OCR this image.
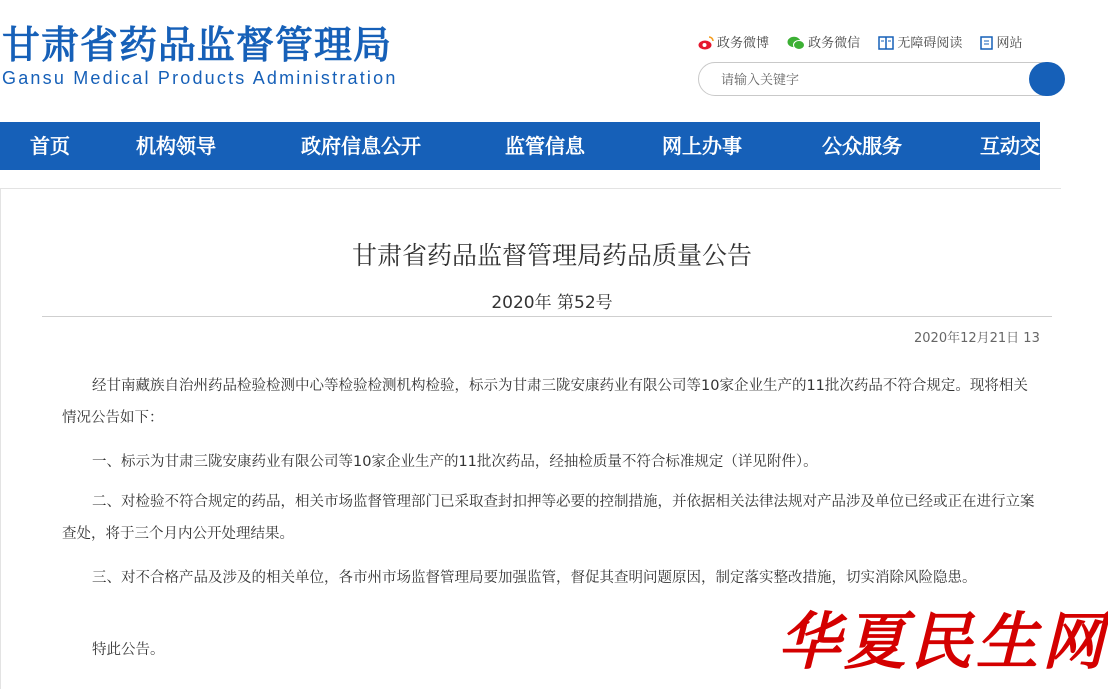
甘肃省药品监督管理局
Gansu Medical Products Administration
政务微博	政务微信	无障碍阅读	网站
请输入关键字
首页	机构领导	政府信息公开	监管信息	网上办事	公众服务	互动交
甘肃省药品监督管理局药品质量公告
2020年 第52号
2020年12月21日 13

经甘南藏族自治州药品检验检测中心等检验检测机构检验，标示为甘肃三陇安康药业有限公司等10家企业生产的11批次药品不符合规定。现将相关情况公告如下：

一、标示为甘肃三陇安康药业有限公司等10家企业生产的11批次药品，经抽检质量不符合标准规定（详见附件）。

二、对检验不符合规定的药品，相关市场监督管理部门已采取查封扣押等必要的控制措施，并依据相关法律法规对产品涉及单位已经或正在进行立案查处，将于三个月内公开处理结果。

三、对不合格产品及涉及的相关单位，各市州市场监督管理局要加强监管，督促其查明问题原因，制定落实整改措施，切实消除风险隐患。

特此公告。	华夏民生网
